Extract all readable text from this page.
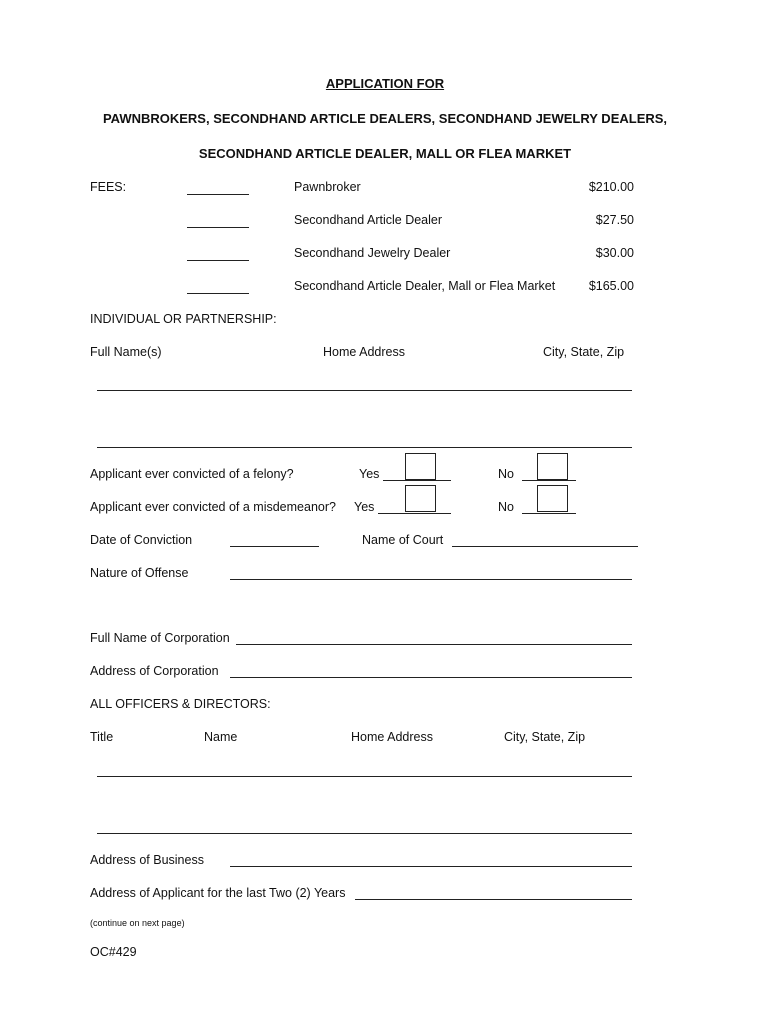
APPLICATION FOR
PAWNBROKERS, SECONDHAND ARTICLE DEALERS, SECONDHAND JEWELRY DEALERS,
SECONDHAND ARTICLE DEALER, MALL OR FLEA MARKET
FEES:	Pawnbroker	$210.00
Secondhand Article Dealer	$27.50
Secondhand Jewelry Dealer	$30.00
Secondhand Article Dealer, Mall or Flea Market	$165.00
INDIVIDUAL OR PARTNERSHIP:
Full Name(s)	Home Address	City, State, Zip
Applicant ever convicted of a felony?	Yes	No
Applicant ever convicted of a misdemeanor? Yes	No
Date of Conviction	Name of Court
Nature of Offense
Full Name of Corporation
Address of Corporation
ALL OFFICERS & DIRECTORS:
Title	Name	Home Address	City, State, Zip
Address of Business
Address of Applicant for the last Two (2) Years
(continue on next page)
OC#429
